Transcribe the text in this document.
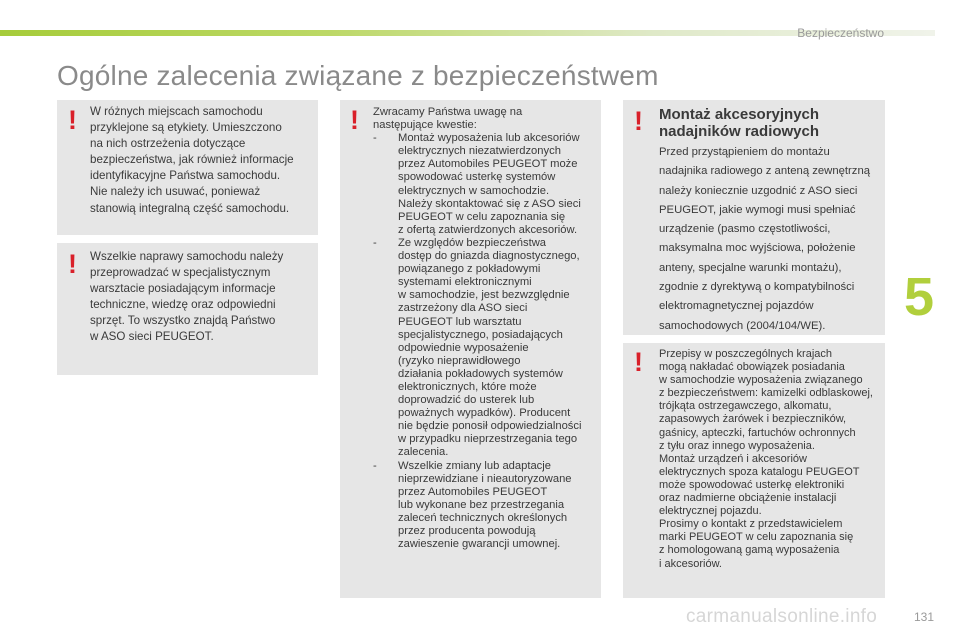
Bezpieczeństwo
5
Ogólne zalecenia związane z bezpieczeństwem
! W różnych miejscach samochodu

przyklejone są etykiety. Umieszczono

na nich ostrzeżenia dotyczące

bezpieczeństwa, jak również informacje

identyfikacyjne Państwa samochodu.

Nie należy ich usuwać, ponieważ

stanowią integralną część samochodu.

! Wszelkie naprawy samochodu należy

przeprowadzać w specjalistycznym

warsztacie posiadającym informacje

techniczne, wiedzę oraz odpowiedni

sprzęt. To wszystko znajdą Państwo

w ASO sieci PEUGEOT.

! Zwracamy Państwa uwagę na

następujące kwestie:

- Montaż wyposażenia lub akcesoriów

elektrycznych niezatwierdzonych

przez Automobiles PEUGEOT może

spowodować usterkę systemów

elektrycznych w samochodzie.

Należy skontaktować się z ASO sieci

PEUGEOT w celu zapoznania się

z ofertą zatwierdzonych akcesoriów.

- Ze względów bezpieczeństwa

dostęp do gniazda diagnostycznego,

powiązanego z pokładowymi

systemami elektronicznymi

w samochodzie, jest bezwzględnie

zastrzeżony dla ASO sieci

PEUGEOT lub warsztatu

specjalistycznego, posiadających

odpowiednie wyposażenie

(ryzyko nieprawidłowego

działania pokładowych systemów

elektronicznych, które może

doprowadzić do usterek lub

poważnych wypadków). Producent

nie będzie ponosił odpowiedzialności

w przypadku nieprzestrzegania tego

zalecenia.

- Wszelkie zmiany lub adaptacje

nieprzewidziane i nieautoryzowane

przez Automobiles PEUGEOT

lub wykonane bez przestrzegania

zaleceń technicznych określonych

przez producenta powodują

zawieszenie gwarancji umownej.

! Montaż akcesoryjnych
nadajników radiowych

Przed przystąpieniem do montażu

nadajnika radiowego z anteną zewnętrzną

należy koniecznie uzgodnić z ASO sieci

PEUGEOT, jakie wymogi musi spełniać

urządzenie (pasmo częstotliwości,

maksymalna moc wyjściowa, położenie

anteny, specjalne warunki montażu),

zgodnie z dyrektywą o kompatybilności

elektromagnetycznej pojazdów

samochodowych (2004/104/WE).

! Przepisy w poszczególnych krajach

mogą nakładać obowiązek posiadania

w samochodzie wyposażenia związanego

z bezpieczeństwem: kamizelki odblaskowej,

trójkąta ostrzegawczego, alkomatu,

zapasowych żarówek i bezpieczników,

gaśnicy, apteczki, fartuchów ochronnych

z tyłu oraz innego wyposażenia.

Montaż urządzeń i akcesoriów

elektrycznych spoza katalogu PEUGEOT

może spowodować usterkę elektroniki

oraz nadmierne obciążenie instalacji

elektrycznej pojazdu.

Prosimy o kontakt z przedstawicielem

marki PEUGEOT w celu zapoznania się

z homologowaną gamą wyposażenia

i akcesoriów.

carmanualsonline.info	131
